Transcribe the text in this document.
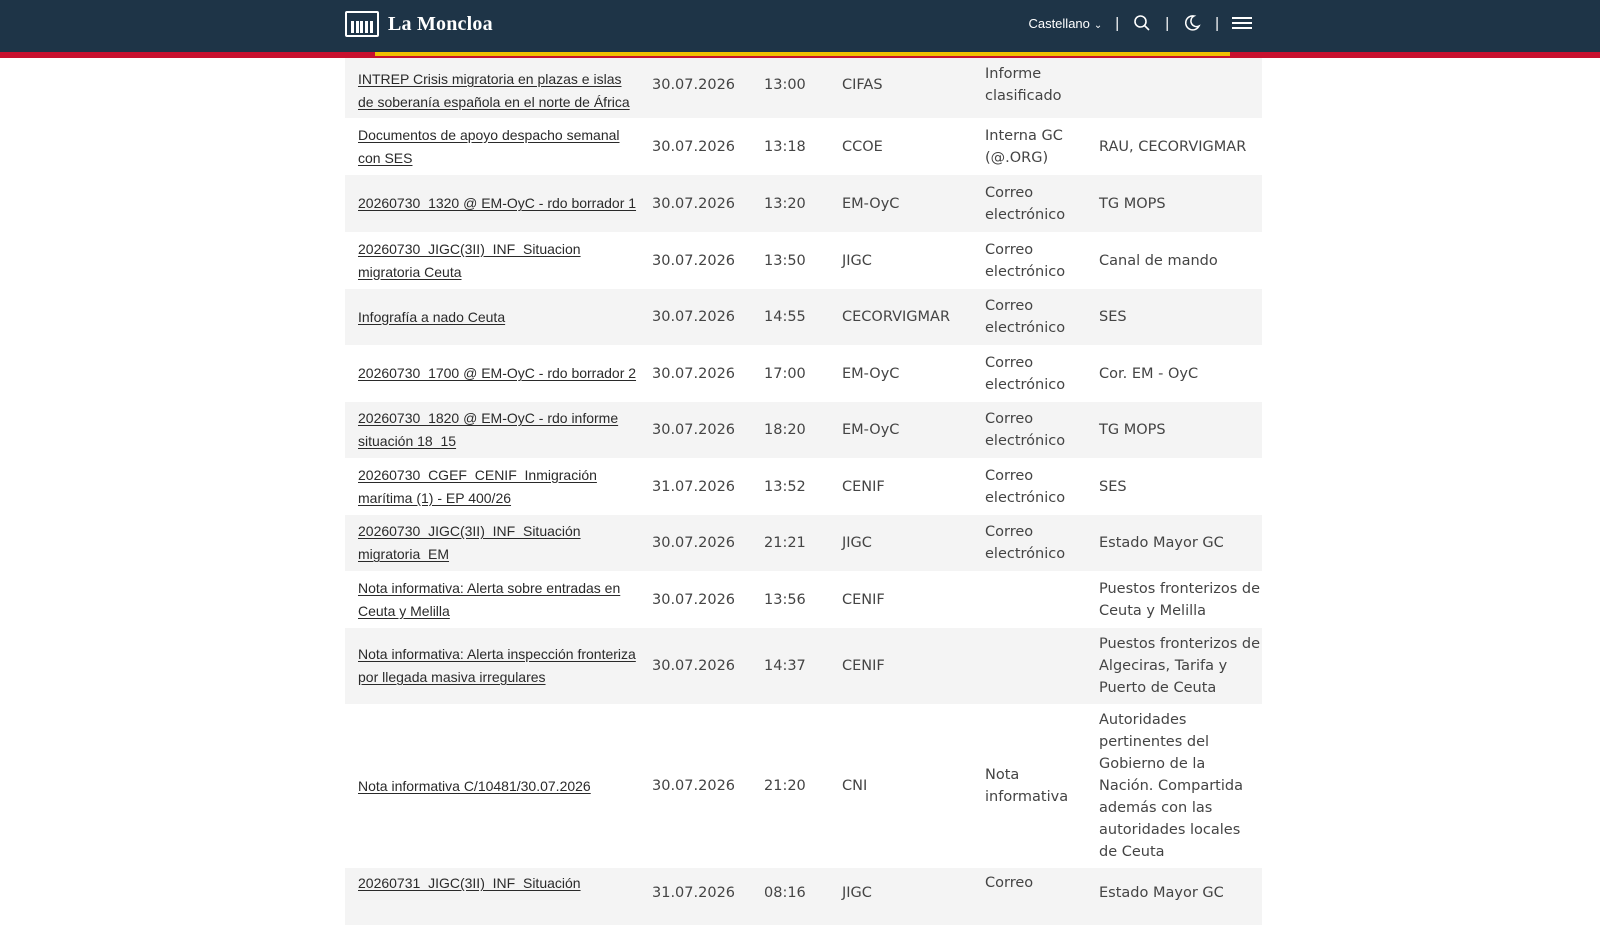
La Moncloa	Castellano ⌄ |	|	|
INTREP Crisis migratoria en plazas e islas de soberanía española en el norte de África	30.07.2026	13:00	CIFAS	Informe clasificado	
Documentos de apoyo despacho semanal con SES	30.07.2026	13:18	CCOE	Interna GC (@.ORG)	RAU, CECORVIGMAR
20260730_1320 @ EM-OyC - rdo borrador 1	30.07.2026	13:20	EM-OyC	Correo electrónico	TG MOPS
20260730_JIGC(3II)_INF_Situacion migratoria Ceuta	30.07.2026	13:50	JIGC	Correo electrónico	Canal de mando
Infografía a nado Ceuta	30.07.2026	14:55	CECORVIGMAR	Correo electrónico	SES
20260730_1700 @ EM-OyC - rdo borrador 2	30.07.2026	17:00	EM-OyC	Correo electrónico	Cor. EM - OyC
20260730_1820 @ EM-OyC - rdo informe situación 18_15	30.07.2026	18:20	EM-OyC	Correo electrónico	TG MOPS
20260730_CGEF_CENIF_Inmigración marítima (1) - EP 400/26	31.07.2026	13:52	CENIF	Correo electrónico	SES
20260730_JIGC(3II)_INF_Situación migratoria_EM	30.07.2026	21:21	JIGC	Correo electrónico	Estado Mayor GC
Nota informativa: Alerta sobre entradas en Ceuta y Melilla	30.07.2026	13:56	CENIF		Puestos fronterizos de Ceuta y Melilla
Nota informativa: Alerta inspección fronteriza por llegada masiva irregulares	30.07.2026	14:37	CENIF		Puestos fronterizos de Algeciras, Tarifa y Puerto de Ceuta
Nota informativa C/10481/30.07.2026	30.07.2026	21:20	CNI	Nota informativa	Autoridades pertinentes del Gobierno de la Nación. Compartida además con las autoridades locales de Ceuta
20260731_JIGC(3II)_INF_Situación	31.07.2026	08:16	JIGC	Correo	Estado Mayor GC
